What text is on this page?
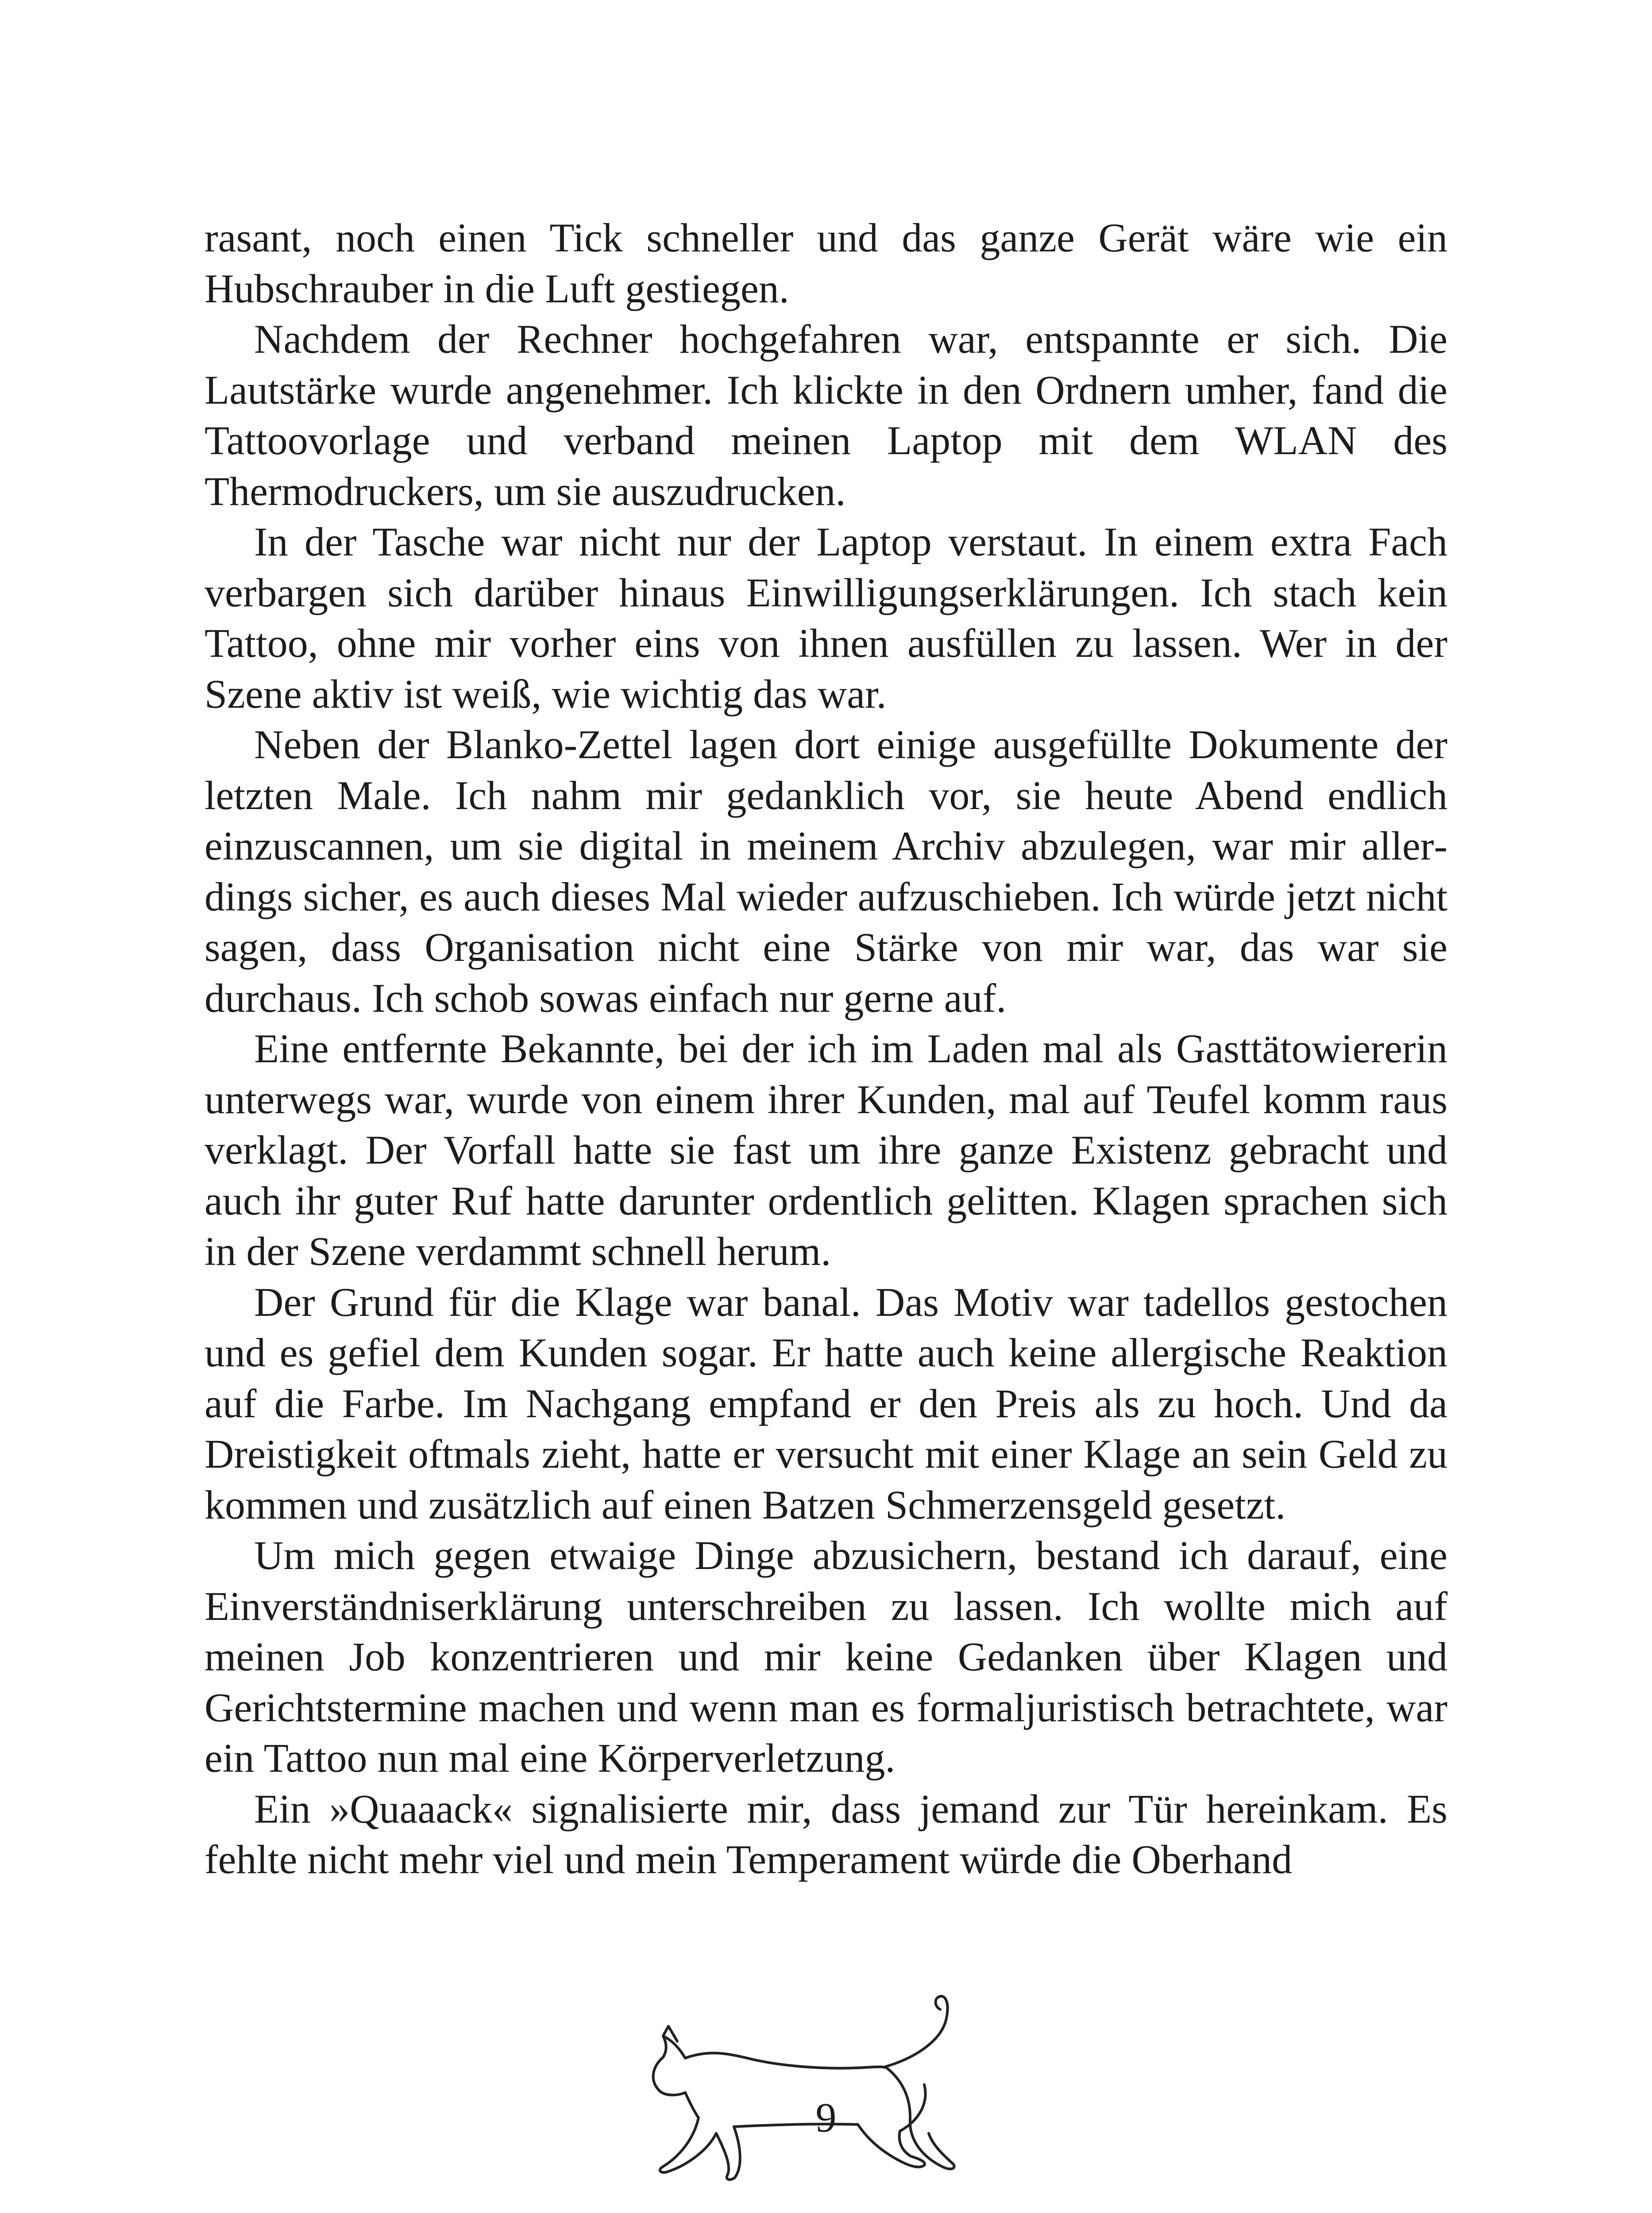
rasant, noch einen Tick schneller und das ganze Gerät wäre wie ein Hubschrauber in die Luft gestiegen.

Nachdem der Rechner hochgefahren war, entspannte er sich. Die Lautstärke wurde angenehmer. Ich klickte in den Ordnern umher, fand die Tattoovorlage und verband meinen Laptop mit dem WLAN des Thermodruckers, um sie auszudrucken.

In der Tasche war nicht nur der Laptop verstaut. In einem extra Fach verbargen sich darüber hinaus Einwilligungserklärungen. Ich stach kein Tattoo, ohne mir vorher eins von ihnen ausfüllen zu lassen. Wer in der Szene aktiv ist weiß, wie wichtig das war.

Neben der Blanko-Zettel lagen dort einige ausgefüllte Dokumente der letzten Male. Ich nahm mir gedanklich vor, sie heute Abend endlich einzuscannen, um sie digital in meinem Archiv abzulegen, war mir allerdings sicher, es auch dieses Mal wieder aufzuschieben. Ich würde jetzt nicht sagen, dass Organisation nicht eine Stärke von mir war, das war sie durchaus. Ich schob sowas einfach nur gerne auf.

Eine entfernte Bekannte, bei der ich im Laden mal als Gasttätowiererin unterwegs war, wurde von einem ihrer Kunden, mal auf Teufel komm raus verklagt. Der Vorfall hatte sie fast um ihre ganze Existenz gebracht und auch ihr guter Ruf hatte darunter ordentlich gelitten. Klagen sprachen sich in der Szene verdammt schnell herum.

Der Grund für die Klage war banal. Das Motiv war tadellos gestochen und es gefiel dem Kunden sogar. Er hatte auch keine allergische Reaktion auf die Farbe. Im Nachgang empfand er den Preis als zu hoch. Und da Dreistigkeit oftmals zieht, hatte er versucht mit einer Klage an sein Geld zu kommen und zusätzlich auf einen Batzen Schmerzensgeld gesetzt.

Um mich gegen etwaige Dinge abzusichern, bestand ich darauf, eine Einverständniserklärung unterschreiben zu lassen. Ich wollte mich auf meinen Job konzentrieren und mir keine Gedanken über Klagen und Gerichtstermine machen und wenn man es formaljuristisch betrachtete, war ein Tattoo nun mal eine Körperverletzung.

Ein »Quaaack« signalisierte mir, dass jemand zur Tür hereinkam. Es fehlte nicht mehr viel und mein Temperament würde die Oberhand

9
